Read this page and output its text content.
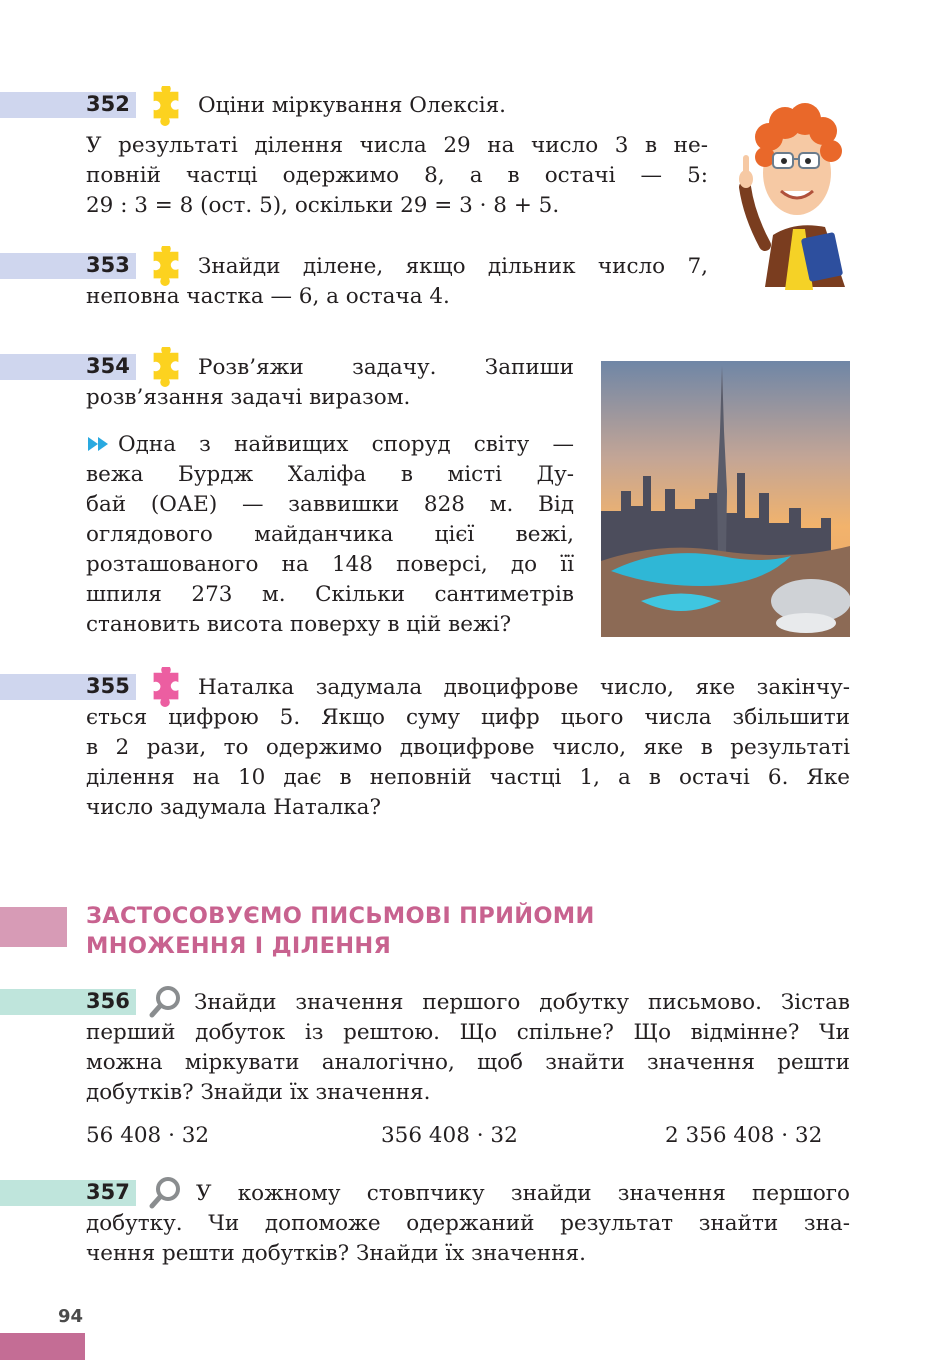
352	Оціни міркування Олексія.
У результаті ділення числа 29 на число 3 в не-
повній частці одержимо 8, а в остачі — 5:
29 : 3 = 8 (ост. 5), оскільки 29 = 3 · 8 + 5.
353	Знайди ділене, якщо дільник число 7,
неповна частка — 6, а остача 4.
354	Розв’яжи задачу. Запиши
розв’язання задачі виразом.
Одна з найвищих споруд світу —
вежа Бурдж Халіфа в місті Ду-
бай (ОАЕ) — заввишки 828 м. Від
оглядового майданчика цієї вежі,
розташованого на 148 поверсі, до її
шпиля 273 м. Скільки сантиметрів
становить висота поверху в цій вежі?
355	Наталка задумала двоцифрове число, яке закінчу-
ється цифрою 5. Якщо суму цифр цього числа збільшити
в 2 рази, то одержимо двоцифрове число, яке в результаті
ділення на 10 дає в неповній частці 1, а в остачі 6. Яке
число задумала Наталка?
ЗАСТОСОВУЄМО ПИСЬМОВІ ПРИЙОМИ
МНОЖЕННЯ І ДІЛЕННЯ
356	Знайди значення першого добутку письмово. Зістав
перший добуток із рештою. Що спільне? Що відмінне? Чи
можна міркувати аналогічно, щоб знайти значення решти
добутків? Знайди їх значення.
56 408 · 32	356 408 · 32	2 356 408 · 32
357	У кожному стовпчику знайди значення першого
добутку. Чи допоможе одержаний результат знайти зна-
чення решти добутків? Знайди їх значення.
94
